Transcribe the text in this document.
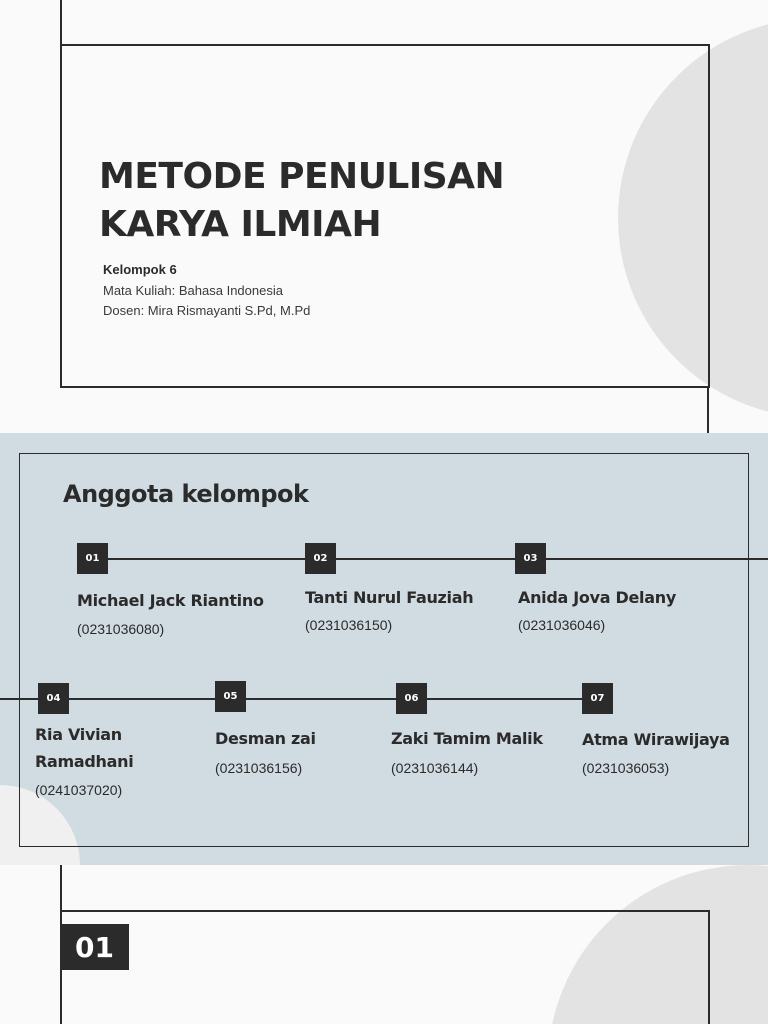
METODE PENULISAN
KARYA ILMIAH
Kelompok 6
Mata Kuliah: Bahasa Indonesia
Dosen: Mira Rismayanti S.Pd, M.Pd
Anggota kelompok
01
Michael Jack Riantino
(0231036080)
02
Tanti Nurul Fauziah
(0231036150)
03
Anida Jova Delany
(0231036046)
04
Ria Vivian Ramadhani
(0241037020)
05
Desman zai
(0231036156)
06
Zaki Tamim Malik
(0231036144)
07
Atma Wirawijaya
(0231036053)
01
